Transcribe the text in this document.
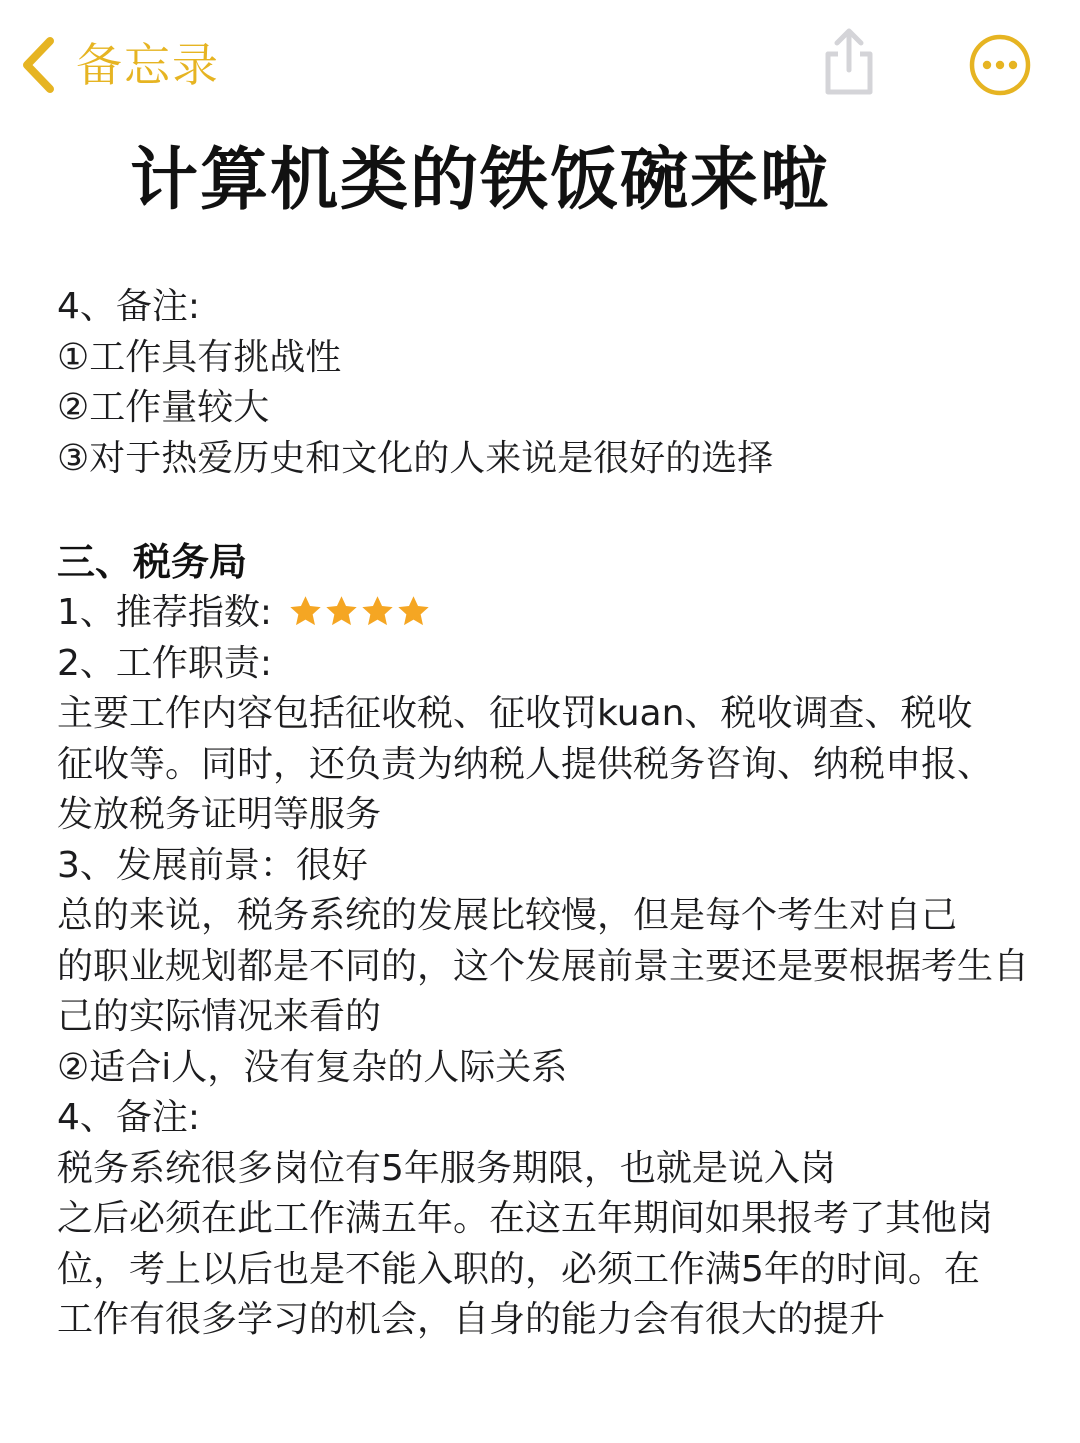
备忘录
计算机类的铁饭碗来啦
4、备注:
①工作具有挑战性
②工作量较大
③对于热爱历史和文化的人来说是很好的选择
三、税务局
1、推荐指数:
2、工作职责:
主要工作内容包括征收税、征收罚kuan、税收调查、税收
征收等。同时，还负责为纳税人提供税务咨询、纳税申报、
发放税务证明等服务
3、发展前景：很好
总的来说，税务系统的发展比较慢，但是每个考生对自己
的职业规划都是不同的，这个发展前景主要还是要根据考生自
己的实际情况来看的
②适合i人，没有复杂的人际关系
4、备注:
税务系统很多岗位有5年服务期限，也就是说入岗
之后必须在此工作满五年。在这五年期间如果报考了其他岗
位，考上以后也是不能入职的，必须工作满5年的时间。在
工作有很多学习的机会，自身的能力会有很大的提升
